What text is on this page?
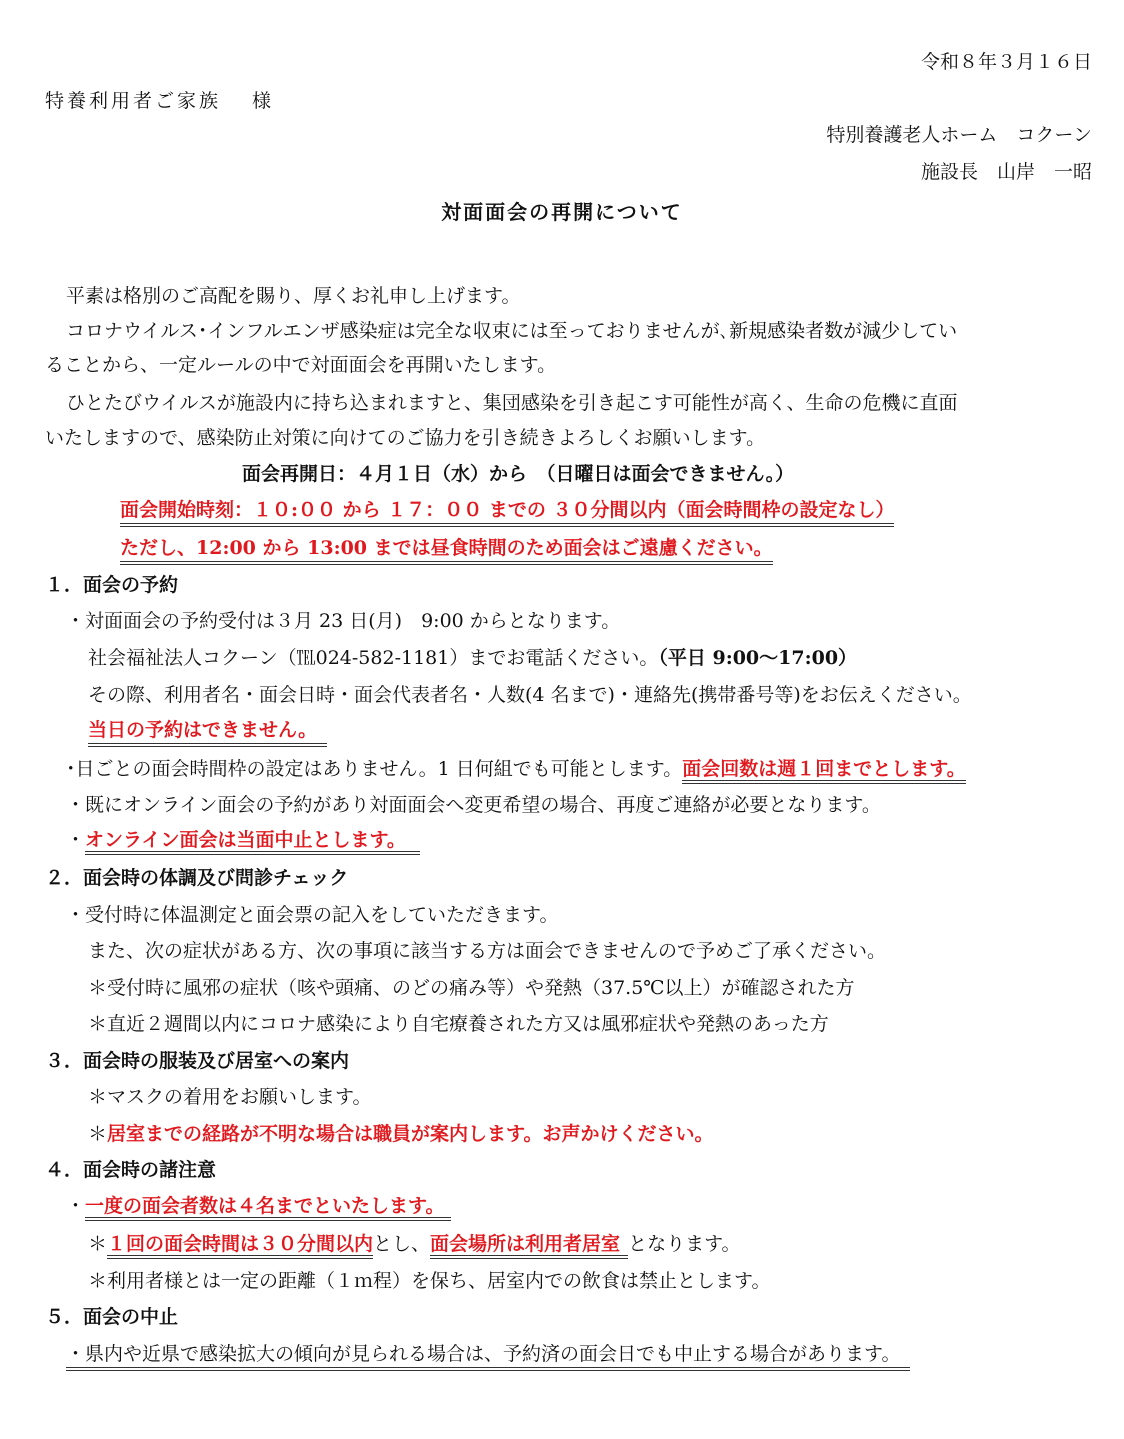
令和８年３月１６日
特養利用者ご家族　 様
特別養護老人ホーム　コクーン
施設長　山岸　一昭
対面面会の再開について
平素は格別のご高配を賜り、厚くお礼申し上げます。
コロナウイルス･インフルエンザ感染症は完全な収束には至っておりませんが､新規感染者数が減少してい
ることから、一定ルールの中で対面面会を再開いたします。
ひとたびウイルスが施設内に持ち込まれますと、集団感染を引き起こす可能性が高く、生命の危機に直面
いたしますので、感染防止対策に向けてのご協力を引き続きよろしくお願いします。
面会再開日：４月１日（水）から　（日曜日は面会できません。）
面会開始時刻：１０:００ から １７：００ までの ３０分間以内（面会時間枠の設定なし）
ただし、12:00 から 13:00 までは昼食時間のため面会はご遠慮ください。
１．面会の予約
・対面面会の予約受付は３月 23 日(月)　9:00 からとなります。
社会福祉法人コクーン（℡024-582-1181）までお電話ください。（平日 9:00〜17:00）
その際、利用者名・面会日時・面会代表者名・人数(4 名まで)・連絡先(携帯番号等)をお伝えください。
当日の予約はできません。
･日ごとの面会時間枠の設定はありません。1 日何組でも可能とします。面会回数は週１回までとします。
・既にオンライン面会の予約があり対面面会へ変更希望の場合、再度ご連絡が必要となります。
・オンライン面会は当面中止とします。
２．面会時の体調及び問診チェック
・受付時に体温測定と面会票の記入をしていただきます。
また、次の症状がある方、次の事項に該当する方は面会できませんので予めご了承ください。
＊受付時に風邪の症状（咳や頭痛、のどの痛み等）や発熱（37.5℃以上）が確認された方
＊直近２週間以内にコロナ感染により自宅療養された方又は風邪症状や発熱のあった方
３．面会時の服装及び居室への案内
＊マスクの着用をお願いします。
＊居室までの経路が不明な場合は職員が案内します。お声かけください。
４．面会時の諸注意
・一度の面会者数は４名までといたします。
＊１回の面会時間は３０分間以内とし、面会場所は利用者居室 となります。
＊利用者様とは一定の距離（１ｍ程）を保ち、居室内での飲食は禁止とします。
５．面会の中止
・県内や近県で感染拡大の傾向が見られる場合は、予約済の面会日でも中止する場合があります。
